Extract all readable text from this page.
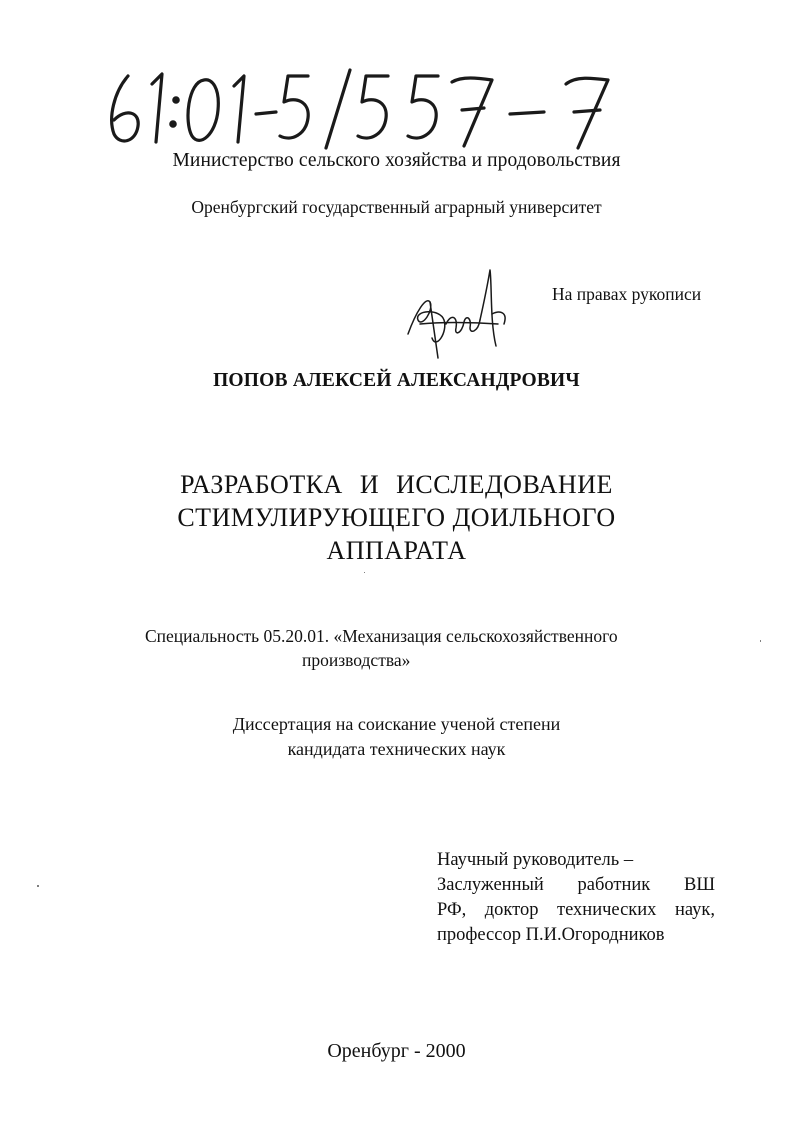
Министерство сельского хозяйства и продовольствия
Оренбургский государственный аграрный университет
На правах рукописи
ПОПОВ АЛЕКСЕЙ АЛЕКСАНДРОВИЧ
РАЗРАБОТКА И ИССЛЕДОВАНИЕ
СТИМУЛИРУЮЩЕГО ДОИЛЬНОГО
АППАРАТА
Специальность 05.20.01. «Механизация сельскохозяйственного
производства»
Диссертация на соискание ученой степени
кандидата технических наук
Научный руководитель –
Заслуженный работник ВШ
РФ, доктор технических наук,
профессор П.И.Огородников
Оренбург - 2000
